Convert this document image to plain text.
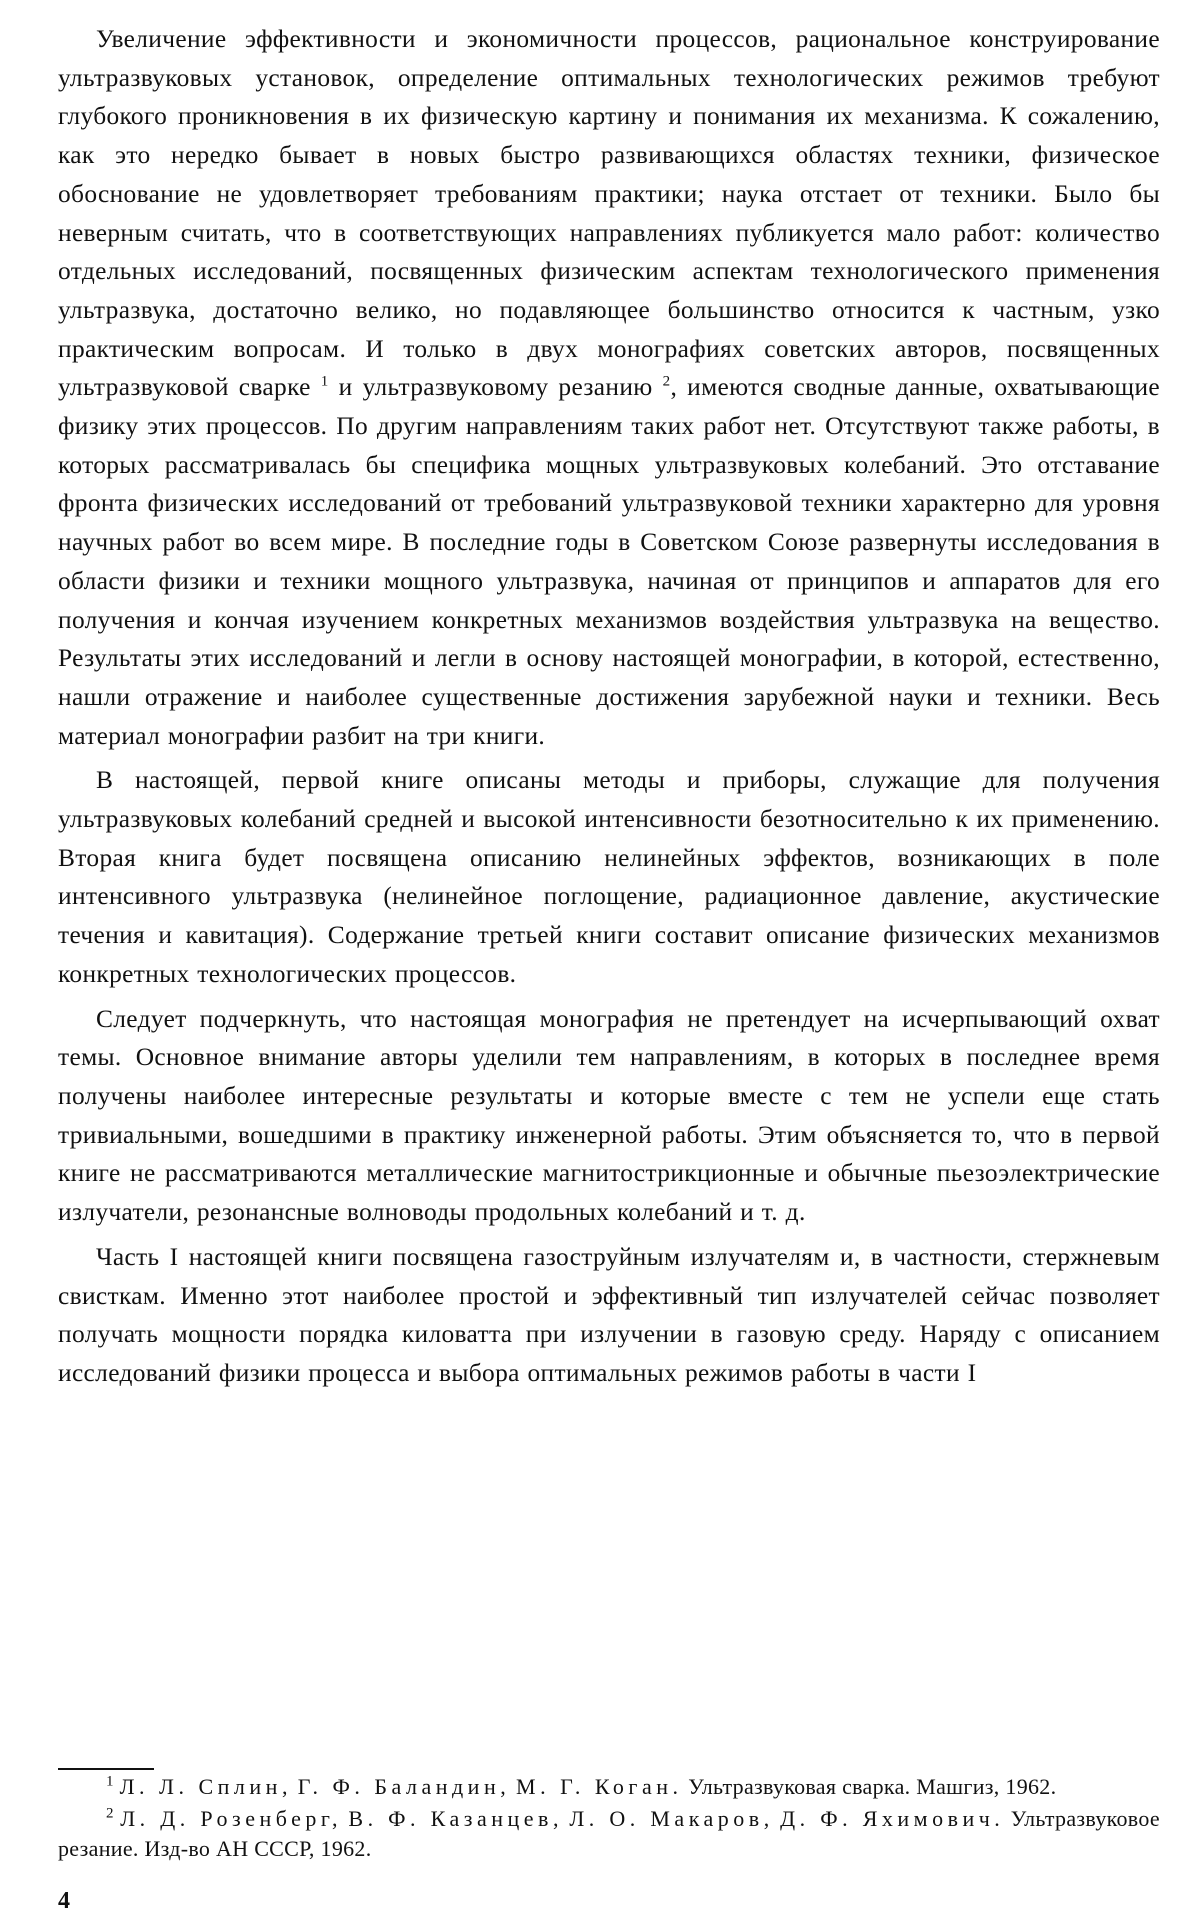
Увеличение эффективности и экономичности процессов, рациональное конструирование ультразвуковых установок, определение оптимальных технологических режимов требуют глубокого проникновения в их физическую картину и понимания их механизма. К сожалению, как это нередко бывает в новых быстро развивающихся областях техники, физическое обоснование не удовлетворяет требованиям практики; наука отстает от техники. Было бы неверным считать, что в соответствующих направлениях публикуется мало работ: количество отдельных исследований, посвященных физическим аспектам технологического применения ультразвука, достаточно велико, но подавляющее большинство относится к частным, узко практическим вопросам. И только в двух монографиях советских авторов, посвященных ультразвуковой сварке $^1$ и ультразвуковому резанию $^2$, имеются сводные данные, охватывающие физику этих процессов. По другим направлениям таких работ нет. Отсутствуют также работы, в которых рассматривалась бы специфика мощных ультразвуковых колебаний. Это отставание фронта физических исследований от требований ультразвуковой техники характерно для уровня научных работ во всем мире. В последние годы в Советском Союзе развернуты исследования в области физики и техники мощного ультразвука, начиная от принципов и аппаратов для его получения и кончая изучением конкретных механизмов воздействия ультразвука на вещество. Результаты этих исследований и легли в основу настоящей монографии, в которой, естественно, нашли отражение и наиболее существенные достижения зарубежной науки и техники. Весь материал монографии разбит на три книги.

В настоящей, первой книге описаны методы и приборы, служащие для получения ультразвуковых колебаний средней и высокой интенсивности безотносительно к их применению. Вторая книга будет посвящена описанию нелинейных эффектов, возникающих в поле интенсивного ультразвука (нелинейное поглощение, радиационное давление, акустические течения и кавитация). Содержание третьей книги составит описание физических механизмов конкретных технологических процессов.

Следует подчеркнуть, что настоящая монография не претендует на исчерпывающий охват темы. Основное внимание авторы уделили тем направлениям, в которых в последнее время получены наиболее интересные результаты и которые вместе с тем не успели еще стать тривиальными, вошедшими в практику инженерной работы. Этим объясняется то, что в первой книге не рассматриваются металлические магнитострикционные и обычные пьезоэлектрические излучатели, резонансные волноводы продольных колебаний и т. д.

Часть I настоящей книги посвящена газоструйным излучателям и, в частности, стержневым свисткам. Именно этот наиболее простой и эффективный тип излучателей сейчас позволяет получать мощности порядка киловатта при излучении в газовую среду. Наряду с описанием исследований физики процесса и выбора оптимальных режимов работы в части I

$^1$ Л. Л. Сплин, Г. Ф. Баландин, М. Г. Коган. Ультразвуковая сварка. Машгиз, 1962.
$^2$ Л. Д. Розенберг, В. Ф. Казанцев, Л. О. Макаров, Д. Ф. Яхимович. Ультразвуковое резание. Изд-во АН СССР, 1962.
4
